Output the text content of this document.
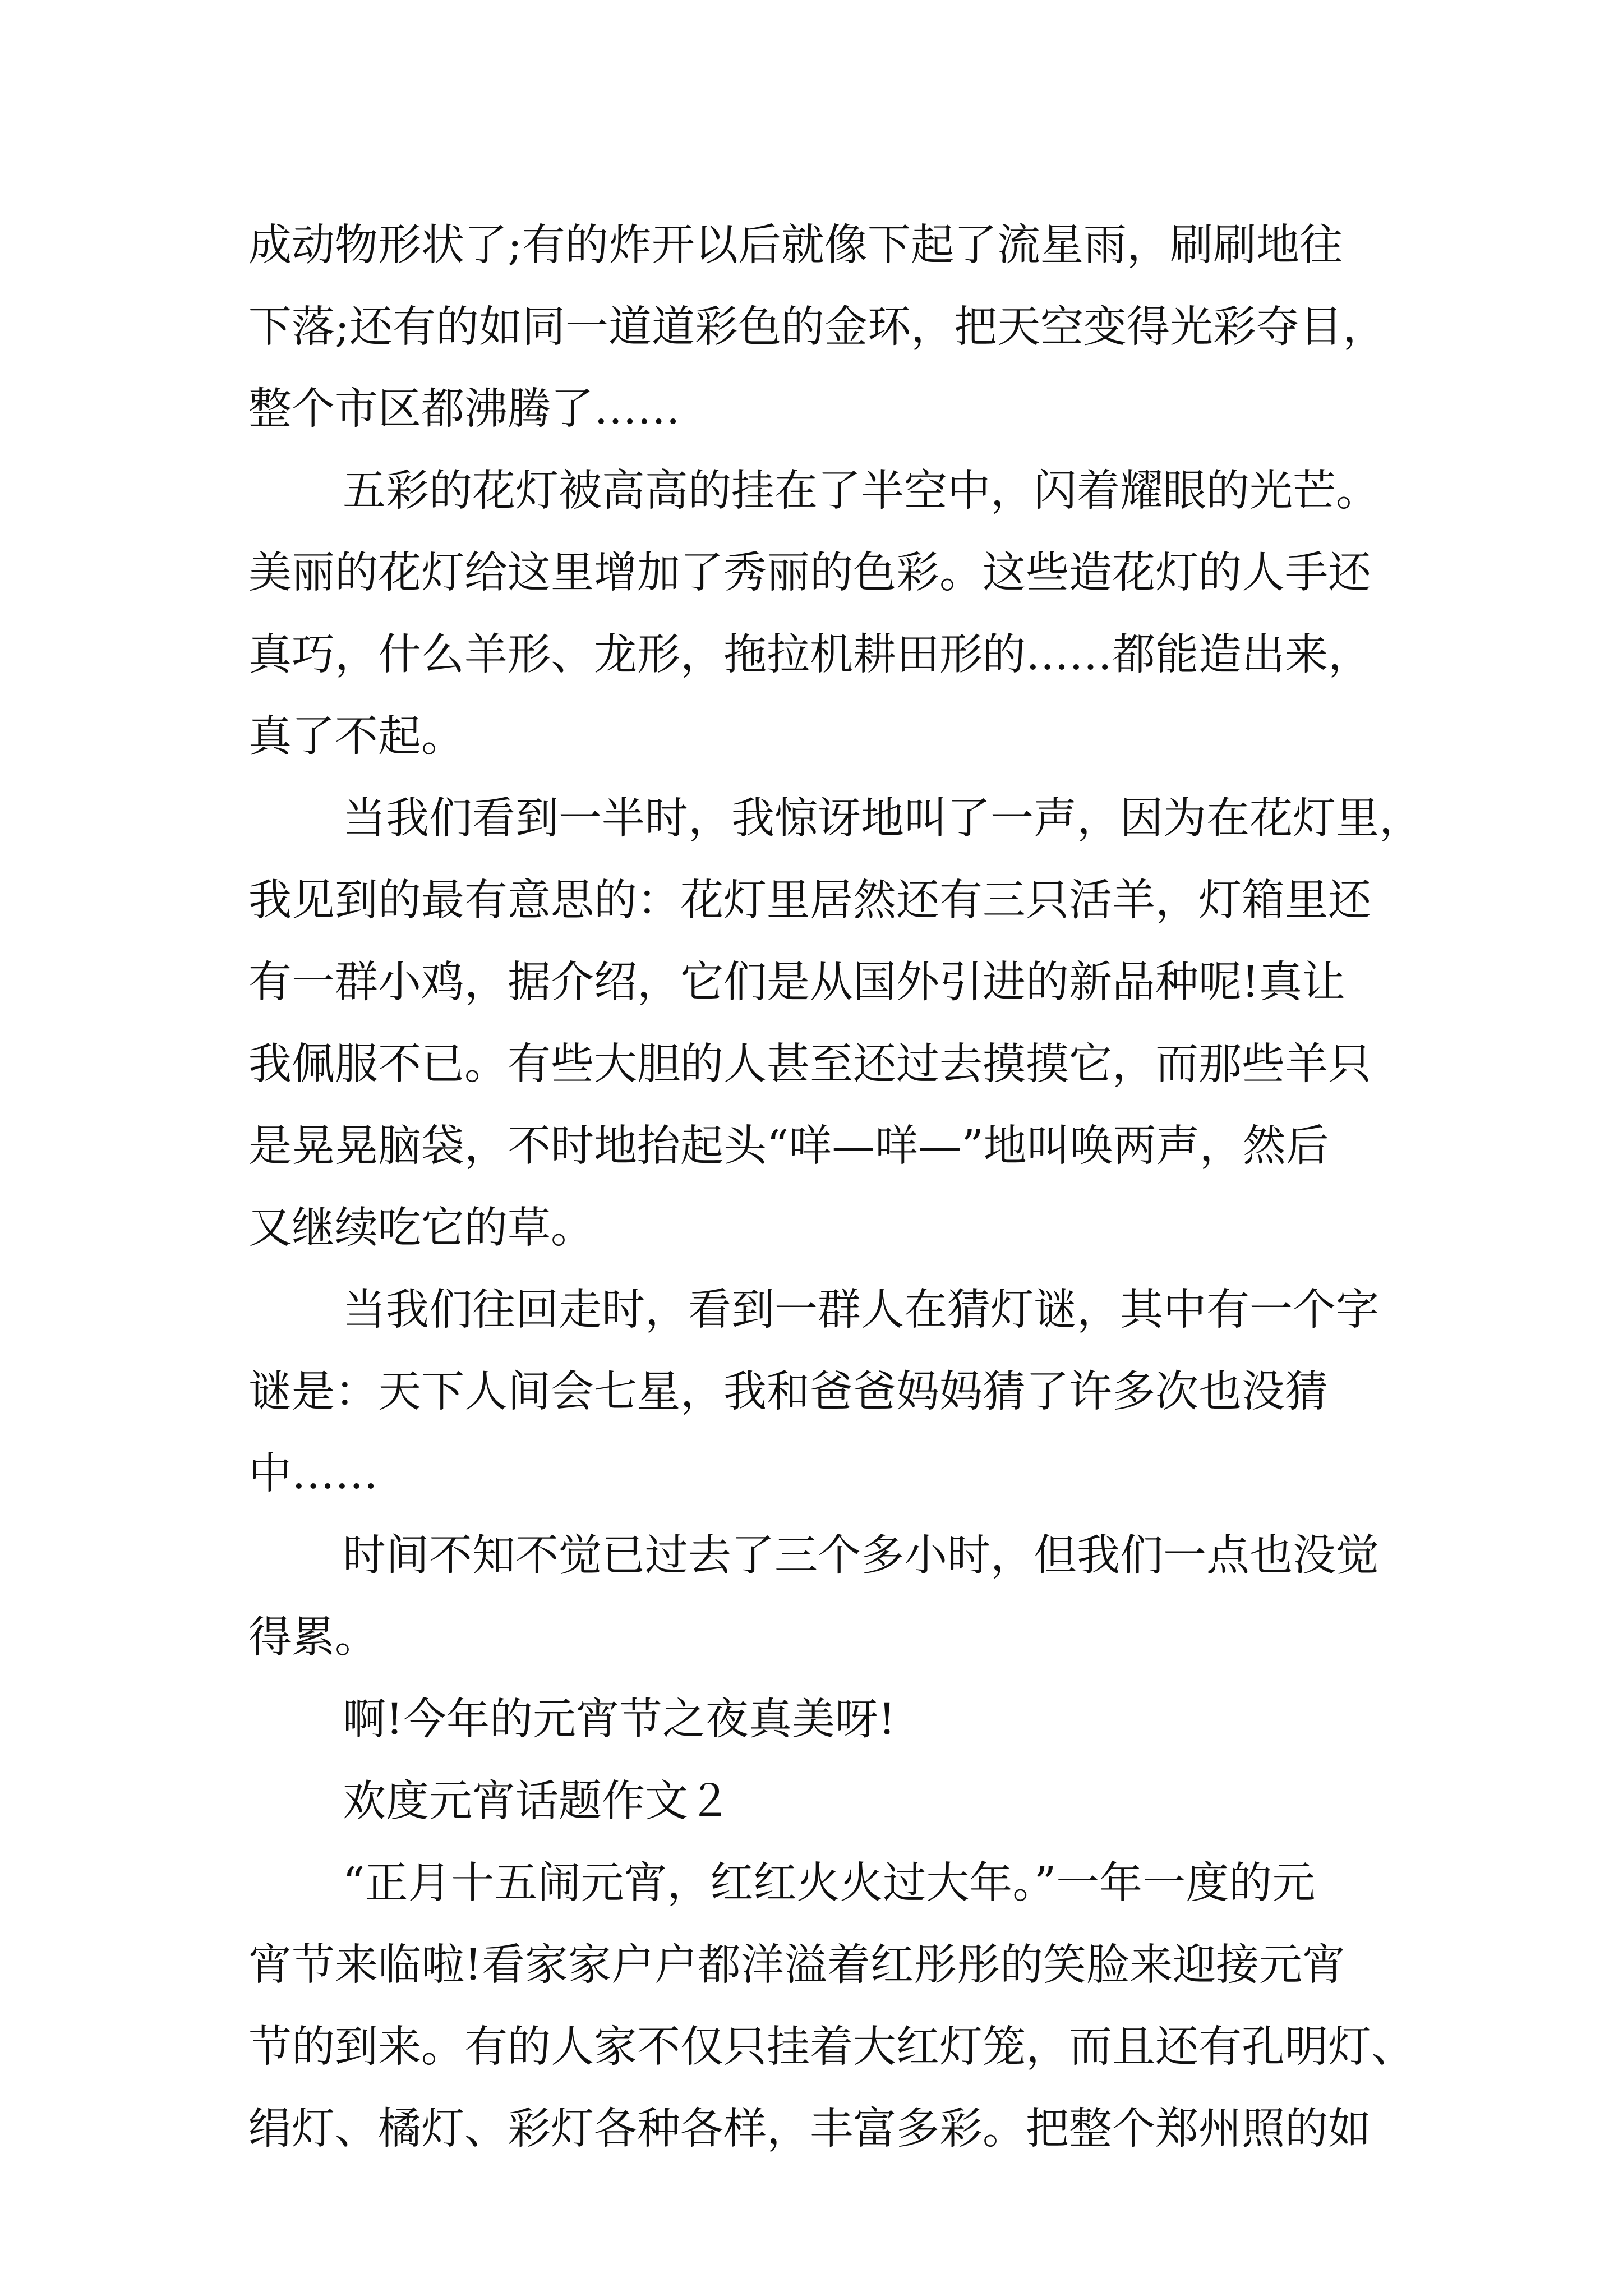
成动物形状了;有的炸开以后就像下起了流星雨，刷刷地往
下落;还有的如同一道道彩色的金环，把天空变得光彩夺目，
整个市区都沸腾了……
五彩的花灯被高高的挂在了半空中，闪着耀眼的光芒。
美丽的花灯给这里增加了秀丽的色彩。这些造花灯的人手还
真巧，什么羊形、龙形，拖拉机耕田形的……都能造出来，
真了不起。
当我们看到一半时，我惊讶地叫了一声，因为在花灯里，
我见到的最有意思的：花灯里居然还有三只活羊，灯箱里还
有一群小鸡，据介绍，它们是从国外引进的新品种呢!真让
我佩服不已。有些大胆的人甚至还过去摸摸它，而那些羊只
是晃晃脑袋，不时地抬起头“咩—咩—”地叫唤两声，然后
又继续吃它的草。
当我们往回走时，看到一群人在猜灯谜，其中有一个字
谜是：天下人间会七星，我和爸爸妈妈猜了许多次也没猜
中……
时间不知不觉已过去了三个多小时，但我们一点也没觉
得累。
啊!今年的元宵节之夜真美呀!
欢度元宵话题作文２
“正月十五闹元宵，红红火火过大年。”一年一度的元
宵节来临啦!看家家户户都洋溢着红彤彤的笑脸来迎接元宵
节的到来。有的人家不仅只挂着大红灯笼，而且还有孔明灯、
绢灯、橘灯、彩灯各种各样，丰富多彩。把整个郑州照的如
